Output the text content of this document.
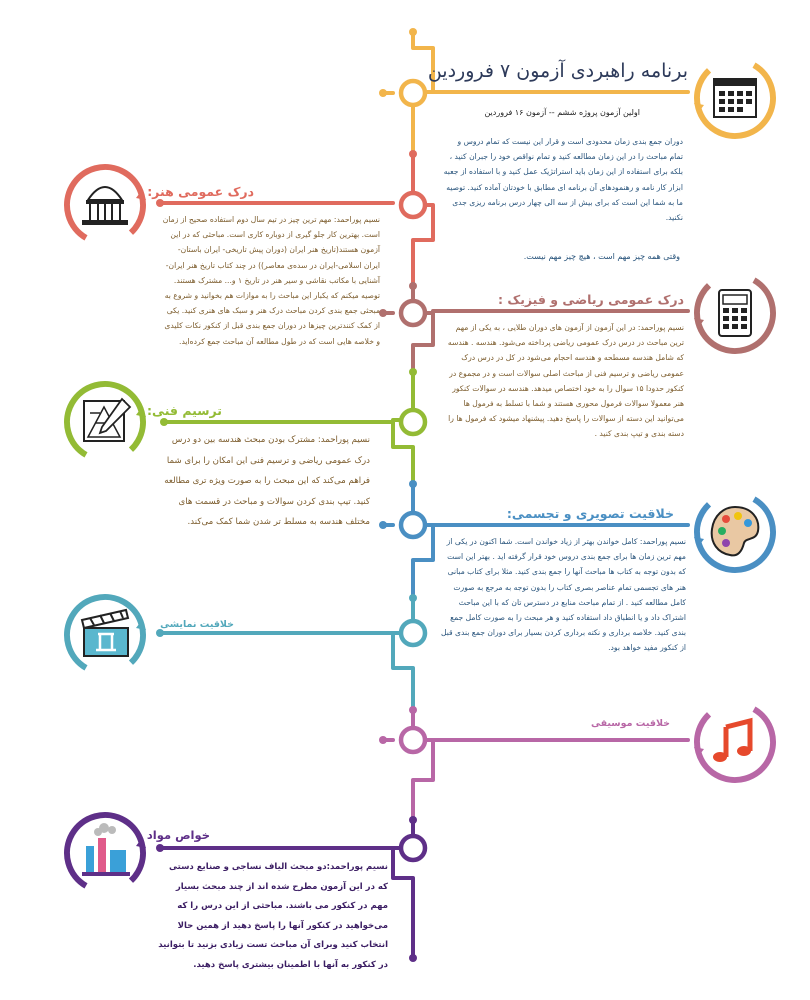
برنامه راهبردی آزمون ۷ فروردین
اولین آزمون پروژه ششم -- آزمون ۱۶ فروردین
دوران جمع بندی زمان محدودی است و قرار این نیست که تمام دروس و تمام مباحث را در این زمان مطالعه کنید و تمام نواقص خود را جبران کنید ، بلکه برای استفاده از این زمان باید استراتژیک عمل کنید و با استفاده از جعبه ابزار کار نامه و رهنمودهای آن برنامه ای مطابق با خودتان آماده کنید. توصیه ما به شما این است که برای بیش از سه الی چهار درس برنامه ریزی جدی نکنید.
وقتی همه چیز مهم است ، هیچ چیز مهم نیست.
درک عمومی هنر:
نسیم پوراحمد: مهم ترین چیز در تیم سال دوم استفاده صحیح از زمان است. بهترین کار جلو گیری از دوباره کاری است. مباحثی که در این آزمون هستند(تاریخ هنر ایران (دوران پیش تاریخی- ایران باستان-ایران اسلامی-ایران در سده‌ی معاصر)) در چند کتاب تاریخ هنر ایران- آشنایی با مکاتب نقاشی و سیر هنر در تاریخ ۱ و... مشترک هستند. توصیه میکنم که یکبار این مباحث را به موازات هم بخوانید و شروع به مبحثی جمع بندی کردن مباحث درک هنر و سبک های هنری کنید. یکی از کمک کنندترین چیزها در دوران جمع بندی قبل از کنکور نکات کلیدی و خلاصه هایی است که در طول مطالعه آن مباحث جمع کرده‌اید.
درک عمومی ریاضی و فیزیک :
نسیم پوراحمد: در این آزمون از آزمون های دوران طلایی ، به یکی از مهم ترین مباحث در درس درک عمومی ریاضی پرداخته می‌شود. هندسه . هندسه که شامل هندسه مسطحه و هندسه احجام می‌شود در کل در درس درک عمومی ریاضی و ترسیم فنی از مباحث اصلی سوالات است و در مجموع در کنکور حدودا ۱۵ سوال را به خود اختصاص میدهد. هندسه در سوالات کنکور هنر معمولا سوالات فرمول محوری هستند و شما با تسلط به فرمول ها می‌توانید این دسته از سوالات را پاسخ دهید. پیشنهاد میشود که فرمول ها را دسته بندی و تیپ بندی کنید .
ترسیم فنی:
نسیم پوراحمد: مشترک بودن مبحث هندسه بین دو درس درک عمومی ریاضی و ترسیم فنی این امکان را برای شما فراهم می‌کند که این مبحث را به صورت ویژه تری مطالعه کنید. تیپ بندی کردن سوالات و مباحث در قسمت های مختلف هندسه به مسلط تر شدن شما کمک می‌کند.
خلاقیت تصویری و تجسمی:
نسیم پوراحمد: کامل خواندن بهتر از زیاد خواندن است. شما اکنون در یکی از مهم ترین زمان ها برای جمع بندی دروس خود قرار گرفته اید . بهتر این است که بدون توجه به کتاب ها مباحث آنها را جمع بندی کنید. مثلا برای کتاب مبانی هنر های تجسمی تمام عناصر بصری کتاب را بدون توجه به مرجع به صورت کامل مطالعه کنید . از تمام مباحث منابع در دسترس تان که با این مباحث اشتراک داد و یا انطباق داد استفاده کنید و هر مبحث را به صورت کامل جمع بندی کنید. خلاصه برداری و نکته برداری کردن بسیار برای دوران جمع بندی قبل از کنکور مفید خواهد بود.
خلاقیت نمایشی
خلاقیت موسیقی
خواص مواد
نسیم پوراحمد:دو مبحث الیاف نساجی و صنایع دستی که در این آزمون مطرح شده اند از چند مبحث بسیار مهم در کنکور می باشند. مباحثی از این درس را که می‌خواهید در کنکور آنها را پاسخ دهید از همین حالا انتخاب کنید وبرای آن مباحث تست زیادی بزنید تا بتوانید در کنکور به آنها با اطمینان بیشتری پاسخ دهید.
